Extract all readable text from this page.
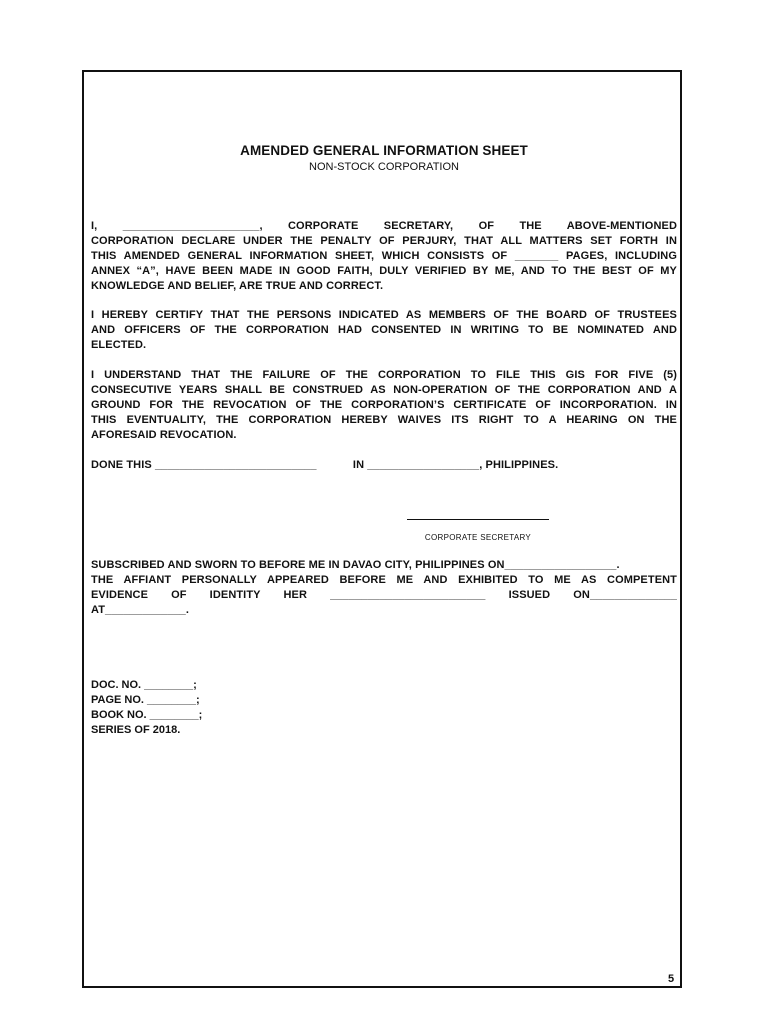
AMENDED GENERAL INFORMATION SHEET
NON-STOCK CORPORATION
I, ______________________, CORPORATE SECRETARY, OF THE ABOVE-MENTIONED
CORPORATION DECLARE UNDER THE PENALTY OF PERJURY, THAT ALL MATTERS SET FORTH IN
THIS AMENDED GENERAL INFORMATION SHEET, WHICH CONSISTS OF _______ PAGES, INCLUDING
ANNEX “A”, HAVE BEEN MADE IN GOOD FAITH, DULY VERIFIED BY ME, AND TO THE BEST OF MY
KNOWLEDGE AND BELIEF, ARE TRUE AND CORRECT.
I HEREBY CERTIFY THAT THE PERSONS INDICATED AS MEMBERS OF THE BOARD OF TRUSTEES
AND OFFICERS OF THE CORPORATION HAD CONSENTED IN WRITING TO BE NOMINATED AND
ELECTED.
I UNDERSTAND THAT THE FAILURE OF THE CORPORATION TO FILE THIS GIS FOR FIVE (5)
CONSECUTIVE YEARS SHALL BE CONSTRUED AS NON-OPERATION OF THE CORPORATION AND A
GROUND FOR THE REVOCATION OF THE CORPORATION’S CERTIFICATE OF INCORPORATION. IN
THIS EVENTUALITY, THE CORPORATION HEREBY WAIVES ITS RIGHT TO A HEARING ON THE
AFORESAID REVOCATION.
DONE THIS __________________________	IN __________________, PHILIPPINES.
CORPORATE SECRETARY
SUBSCRIBED AND SWORN TO BEFORE ME IN DAVAO CITY, PHILIPPINES ON__________________.
THE AFFIANT PERSONALLY APPEARED BEFORE ME AND EXHIBITED TO ME AS COMPETENT
EVIDENCE OF IDENTITY HER _________________________ ISSUED ON______________
AT_____________.
DOC. NO. ________;
PAGE NO. ________;
BOOK NO. ________;
SERIES OF 2018.
5
